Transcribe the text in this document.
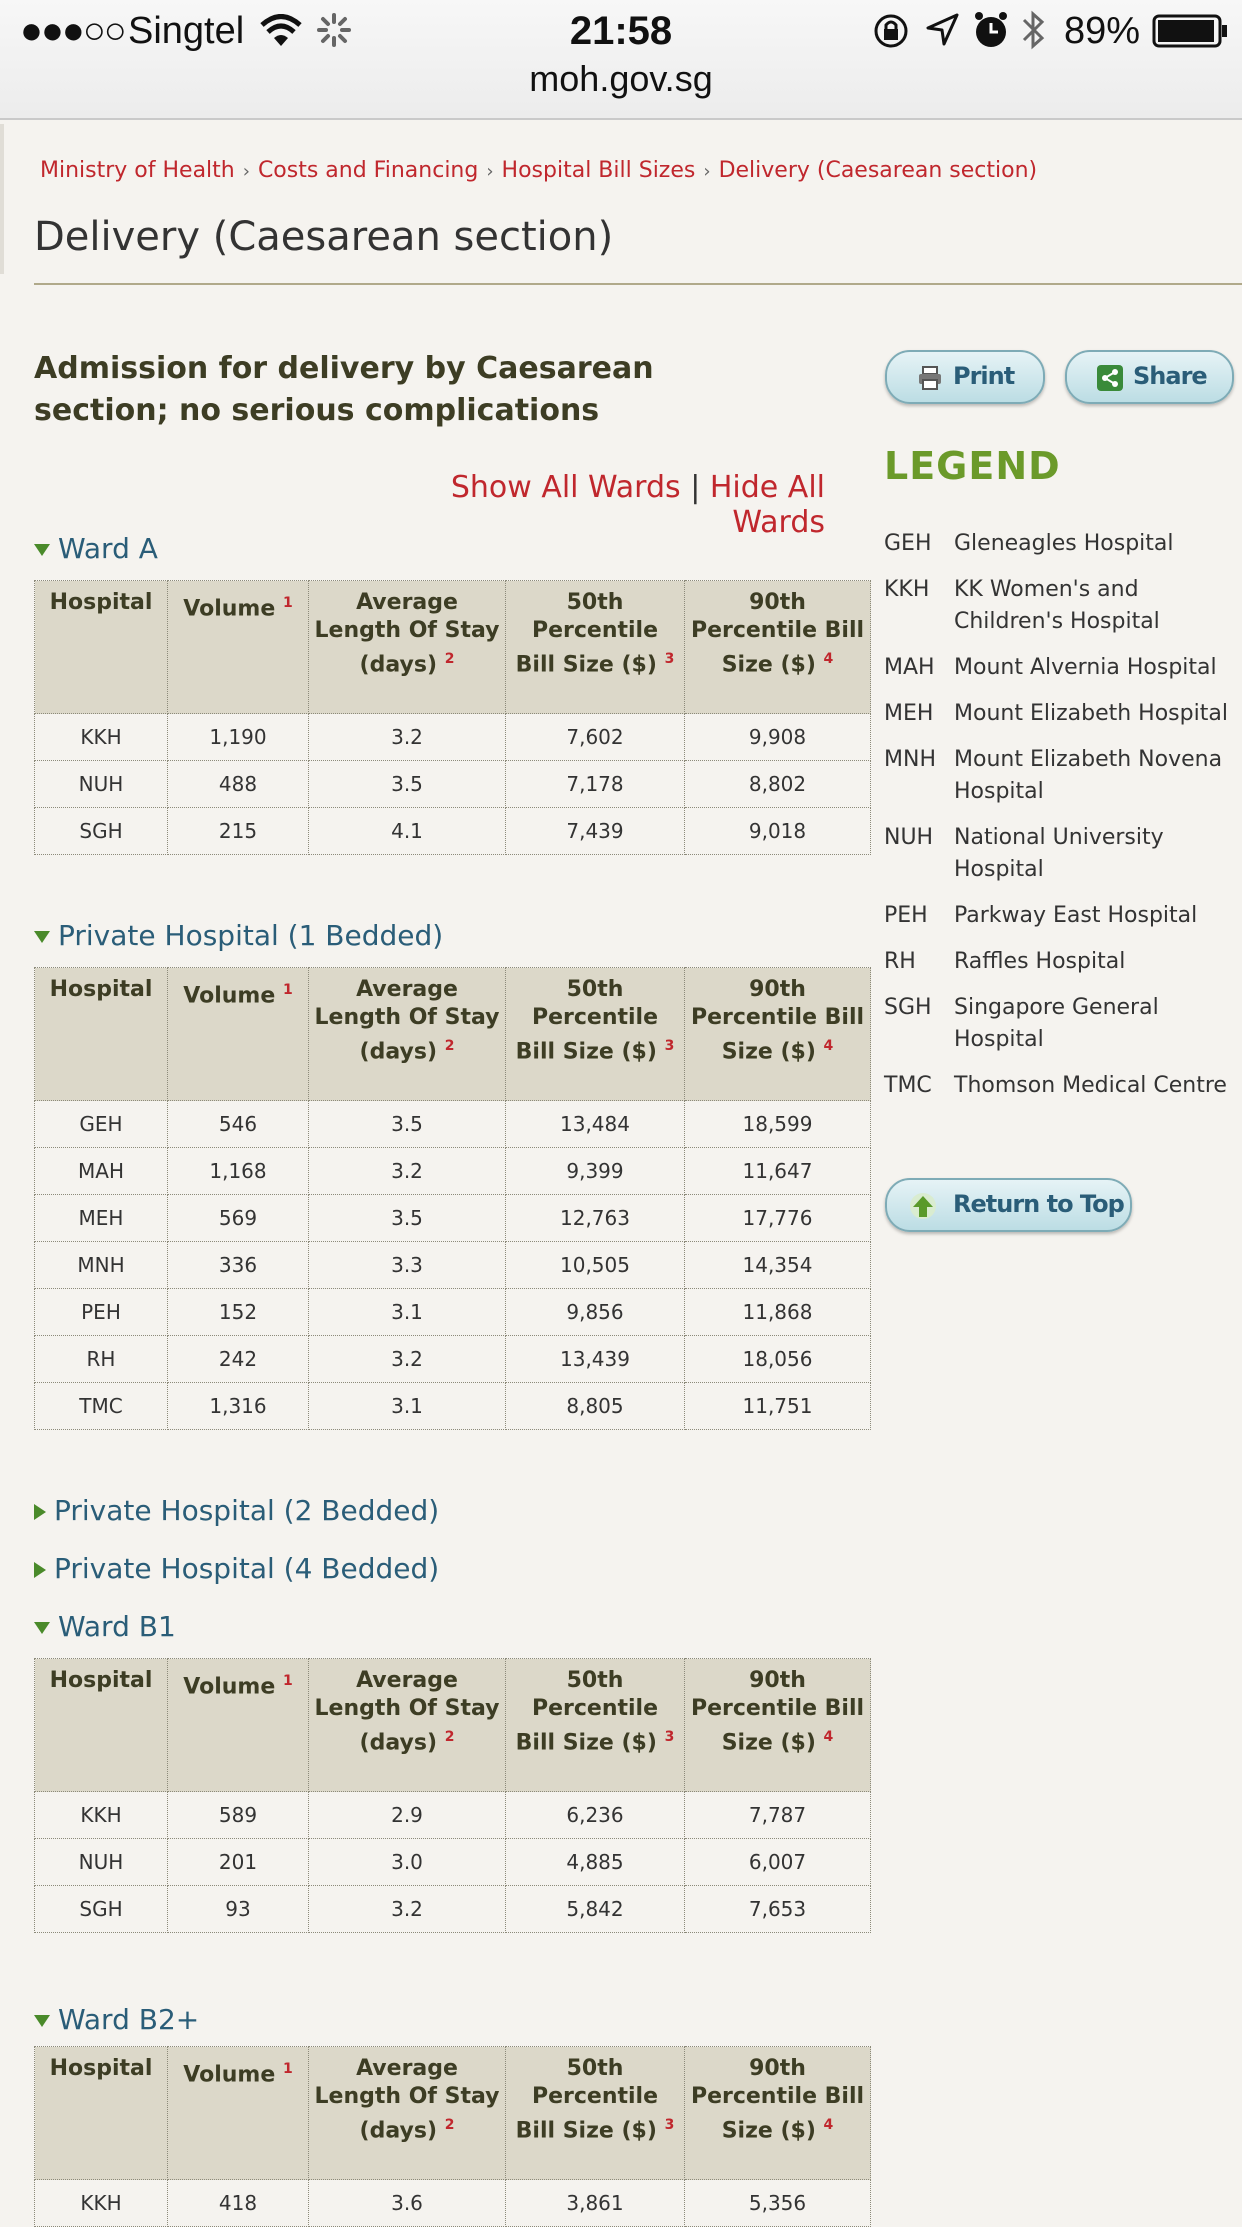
●●●○○ Singtel	21:58	89%
moh.gov.sg
Ministry of Health › Costs and Financing › Hospital Bill Sizes › Delivery (Caesarean section)
Delivery (Caesarean section)
Admission for delivery by Caesarean section; no serious complications
Show All Wards | Hide All Wards
Ward A
Hospital	Volume $^1$	Average Length Of Stay (days) $^2$	50th Percentile Bill Size ($) $^3$	90th Percentile Bill Size ($) $^4$
KKH	1,190	3.2	7,602	9,908
NUH	488	3.5	7,178	8,802
SGH	215	4.1	7,439	9,018
Private Hospital (1 Bedded)
Hospital	Volume $^1$	Average Length Of Stay (days) $^2$	50th Percentile Bill Size ($) $^3$	90th Percentile Bill Size ($) $^4$
GEH	546	3.5	13,484	18,599
MAH	1,168	3.2	9,399	11,647
MEH	569	3.5	12,763	17,776
MNH	336	3.3	10,505	14,354
PEH	152	3.1	9,856	11,868
RH	242	3.2	13,439	18,056
TMC	1,316	3.1	8,805	11,751
Private Hospital (2 Bedded)
Private Hospital (4 Bedded)
Ward B1
Hospital	Volume $^1$	Average Length Of Stay (days) $^2$	50th Percentile Bill Size ($) $^3$	90th Percentile Bill Size ($) $^4$
KKH	589	2.9	6,236	7,787
NUH	201	3.0	4,885	6,007
SGH	93	3.2	5,842	7,653
Ward B2+
Hospital	Volume $^1$	Average Length Of Stay (days) $^2$	50th Percentile Bill Size ($) $^3$	90th Percentile Bill Size ($) $^4$
KKH	418	3.6	3,861	5,356
Print	Share
LEGEND
GEH Gleneagles Hospital
KKH KK Women's and Children's Hospital
MAH Mount Alvernia Hospital
MEH Mount Elizabeth Hospital
MNH Mount Elizabeth Novena Hospital
NUH National University Hospital
PEH Parkway East Hospital
RH Raffles Hospital
SGH Singapore General Hospital
TMC Thomson Medical Centre
Return to Top
